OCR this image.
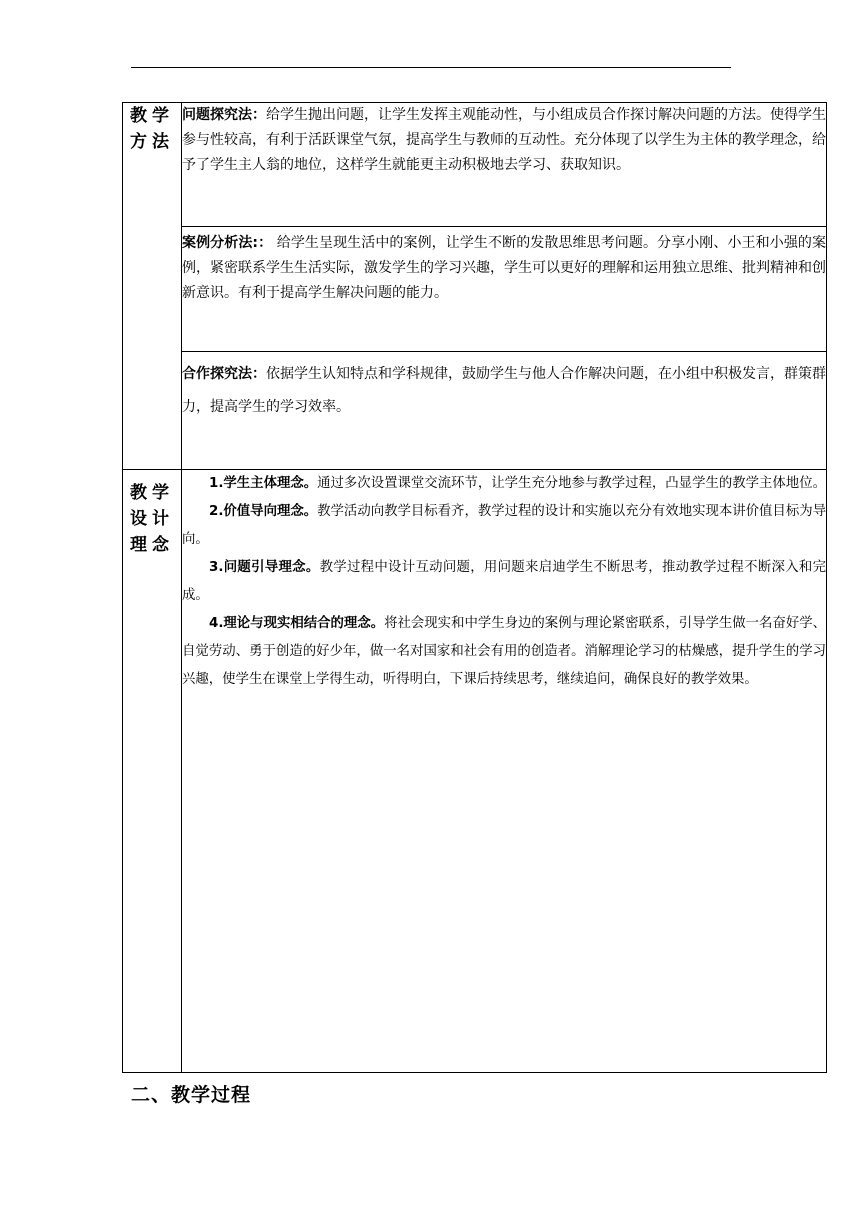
教学方法	问题探究法：给学生抛出问题，让学生发挥主观能动性，与小组成员合作探讨解决问题的方法。使得学生参与性较高，有利于活跃课堂气氛，提高学生与教师的互动性。充分体现了以学生为主体的教学理念，给予了学生主人翁的地位，这样学生就能更主动积极地去学习、获取知识。
	案例分析法:： 给学生呈现生活中的案例，让学生不断的发散思维思考问题。分享小刚、小王和小强的案例，紧密联系学生生活实际，激发学生的学习兴趣，学生可以更好的理解和运用独立思维、批判精神和创新意识。有利于提高学生解决问题的能力。
	合作探究法：依据学生认知特点和学科规律，鼓励学生与他人合作解决问题，在小组中积极发言，群策群力，提高学生的学习效率。
教学设计理念	1.学生主体理念。通过多次设置课堂交流环节，让学生充分地参与教学过程，凸显学生的教学主体地位。

2.价值导向理念。教学活动向教学目标看齐，教学过程的设计和实施以充分有效地实现本讲价值目标为导向。

3.问题引导理念。教学过程中设计互动问题，用问题来启迪学生不断思考，推动教学过程不断深入和完成。

4.理论与现实相结合的理念。将社会现实和中学生身边的案例与理论紧密联系，引导学生做一名奋好学、自觉劳动、勇于创造的好少年，做一名对国家和社会有用的创造者。消解理论学习的枯燥感，提升学生的学习兴趣，使学生在课堂上学得生动，听得明白，下课后持续思考，继续追问，确保良好的教学效果。

二、教学过程
